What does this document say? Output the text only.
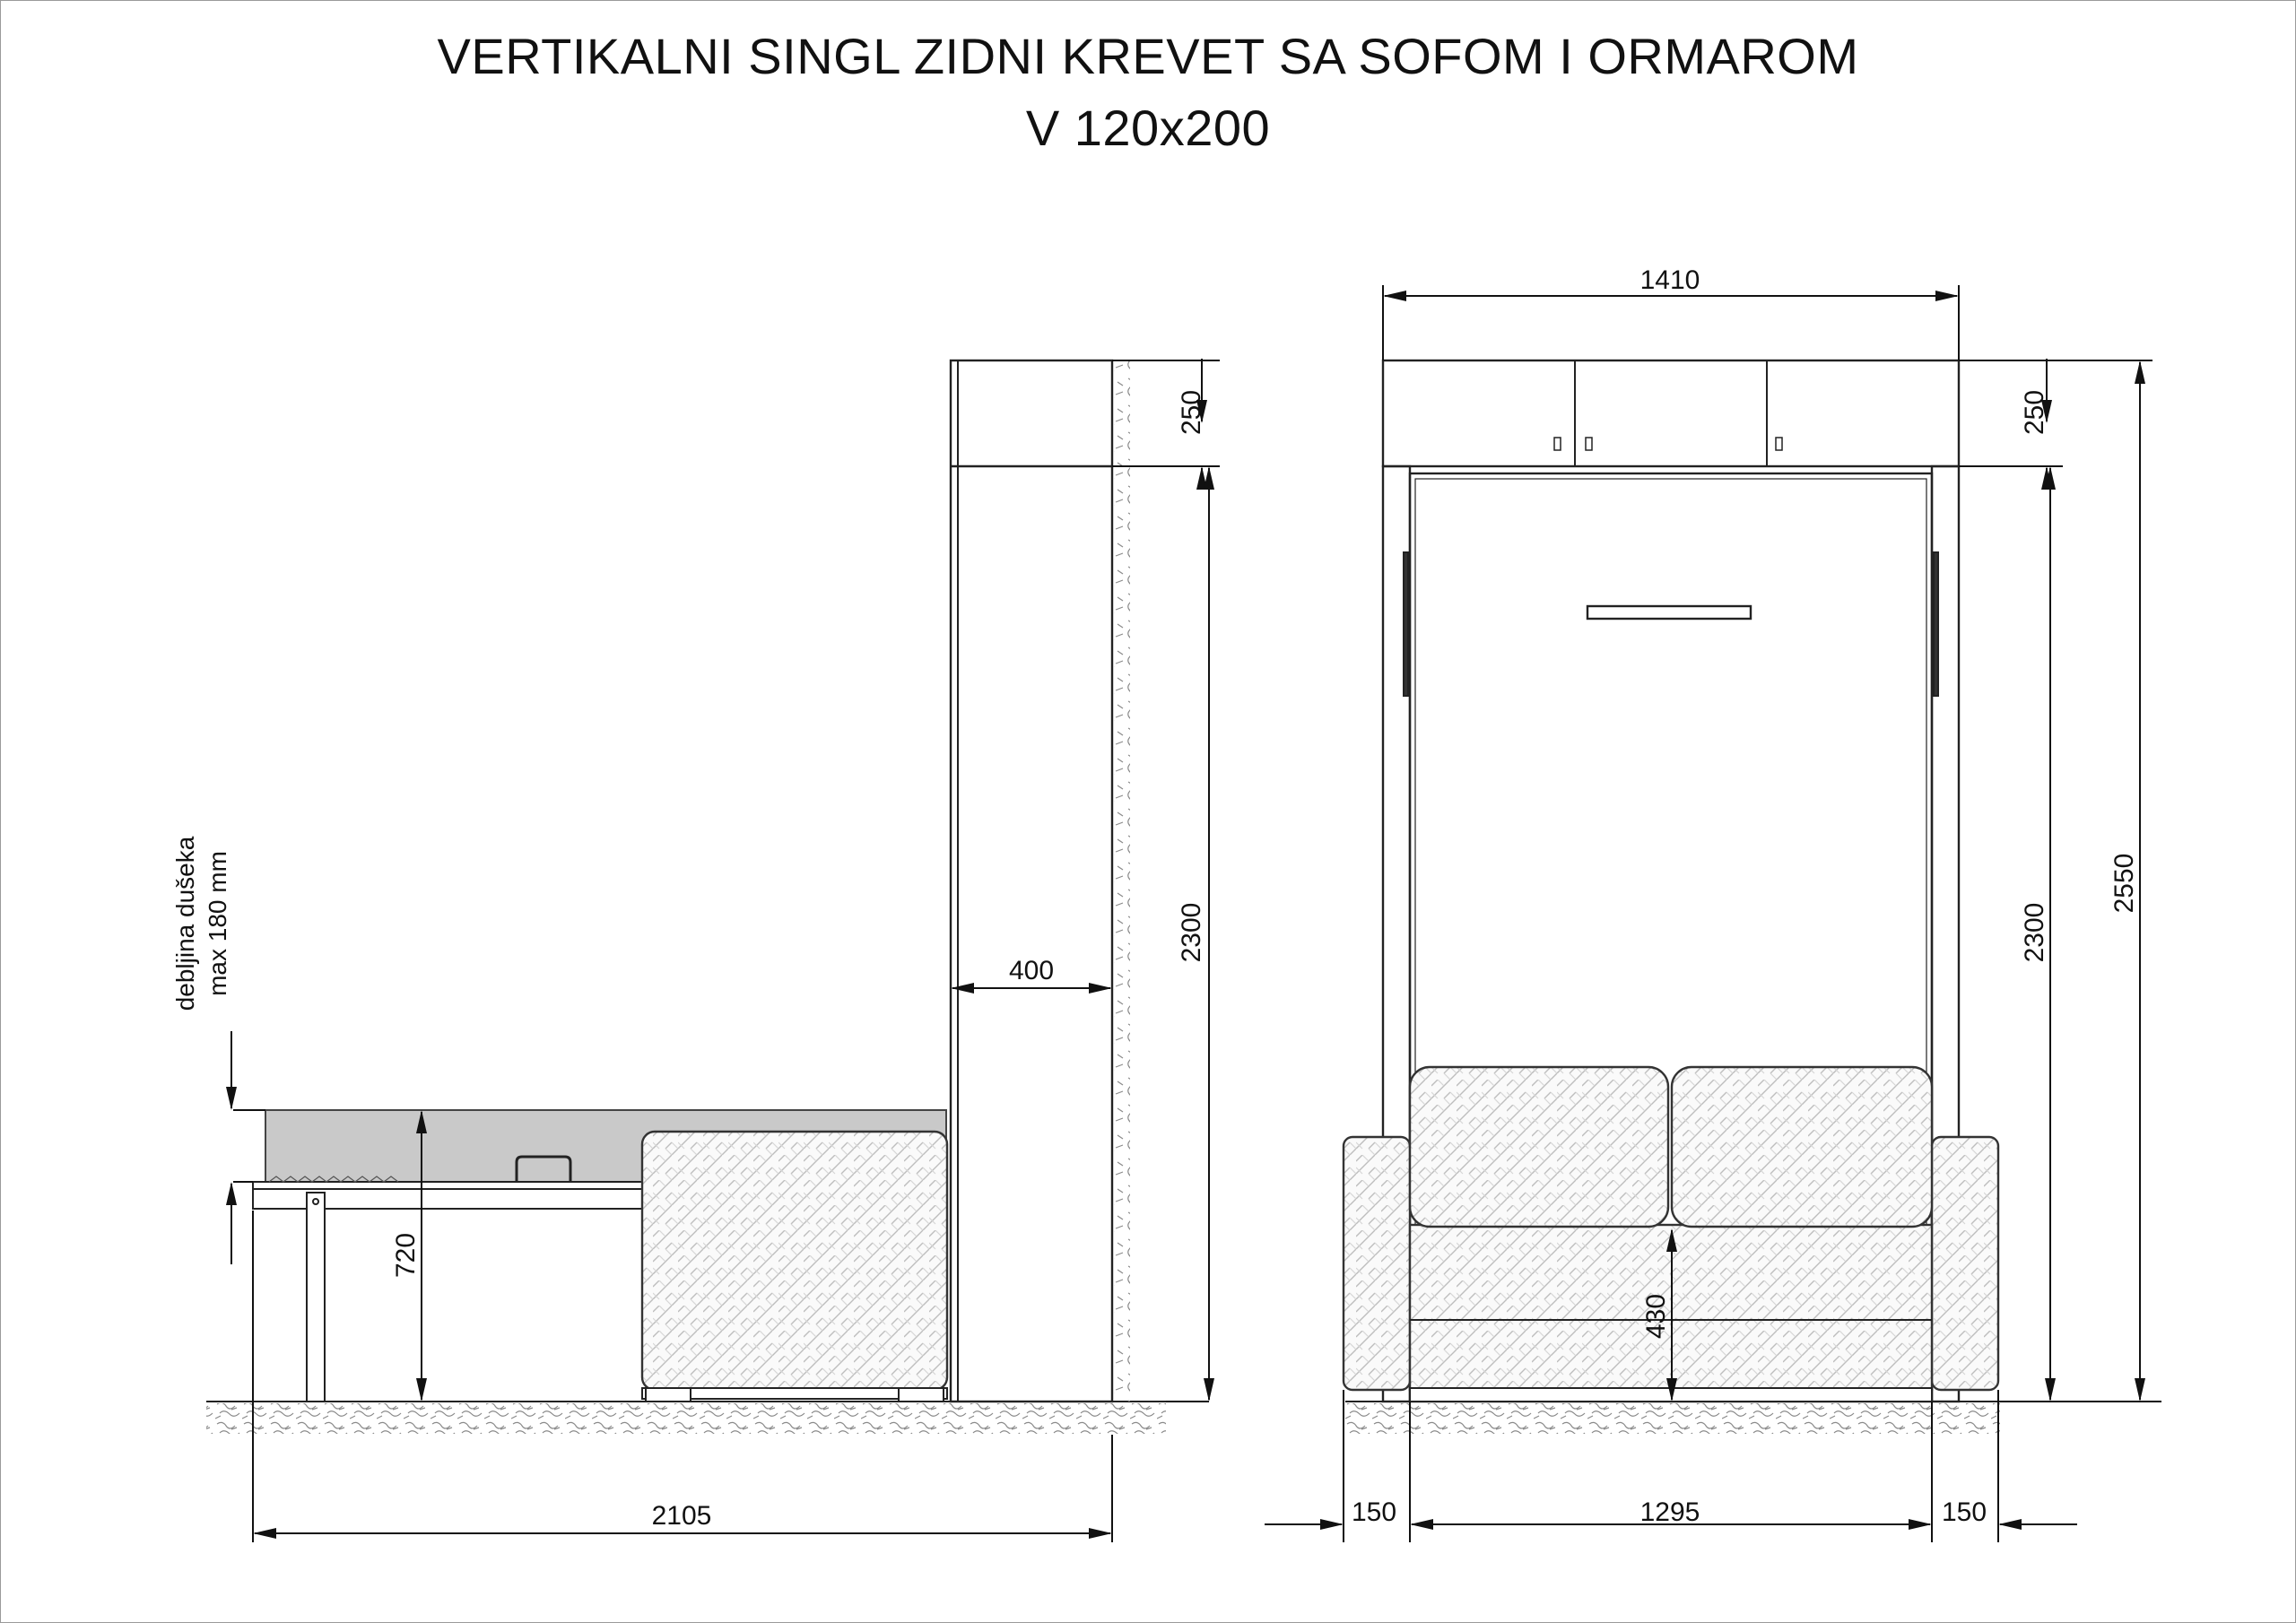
VERTIKALNI SINGL ZIDNI KREVET SA SOFOM I ORMAROM
V 120x200
250
2300
400
720
2105
debljina dušeka max 180 mm
1410
250
2300
2550
430
150	1295	150
